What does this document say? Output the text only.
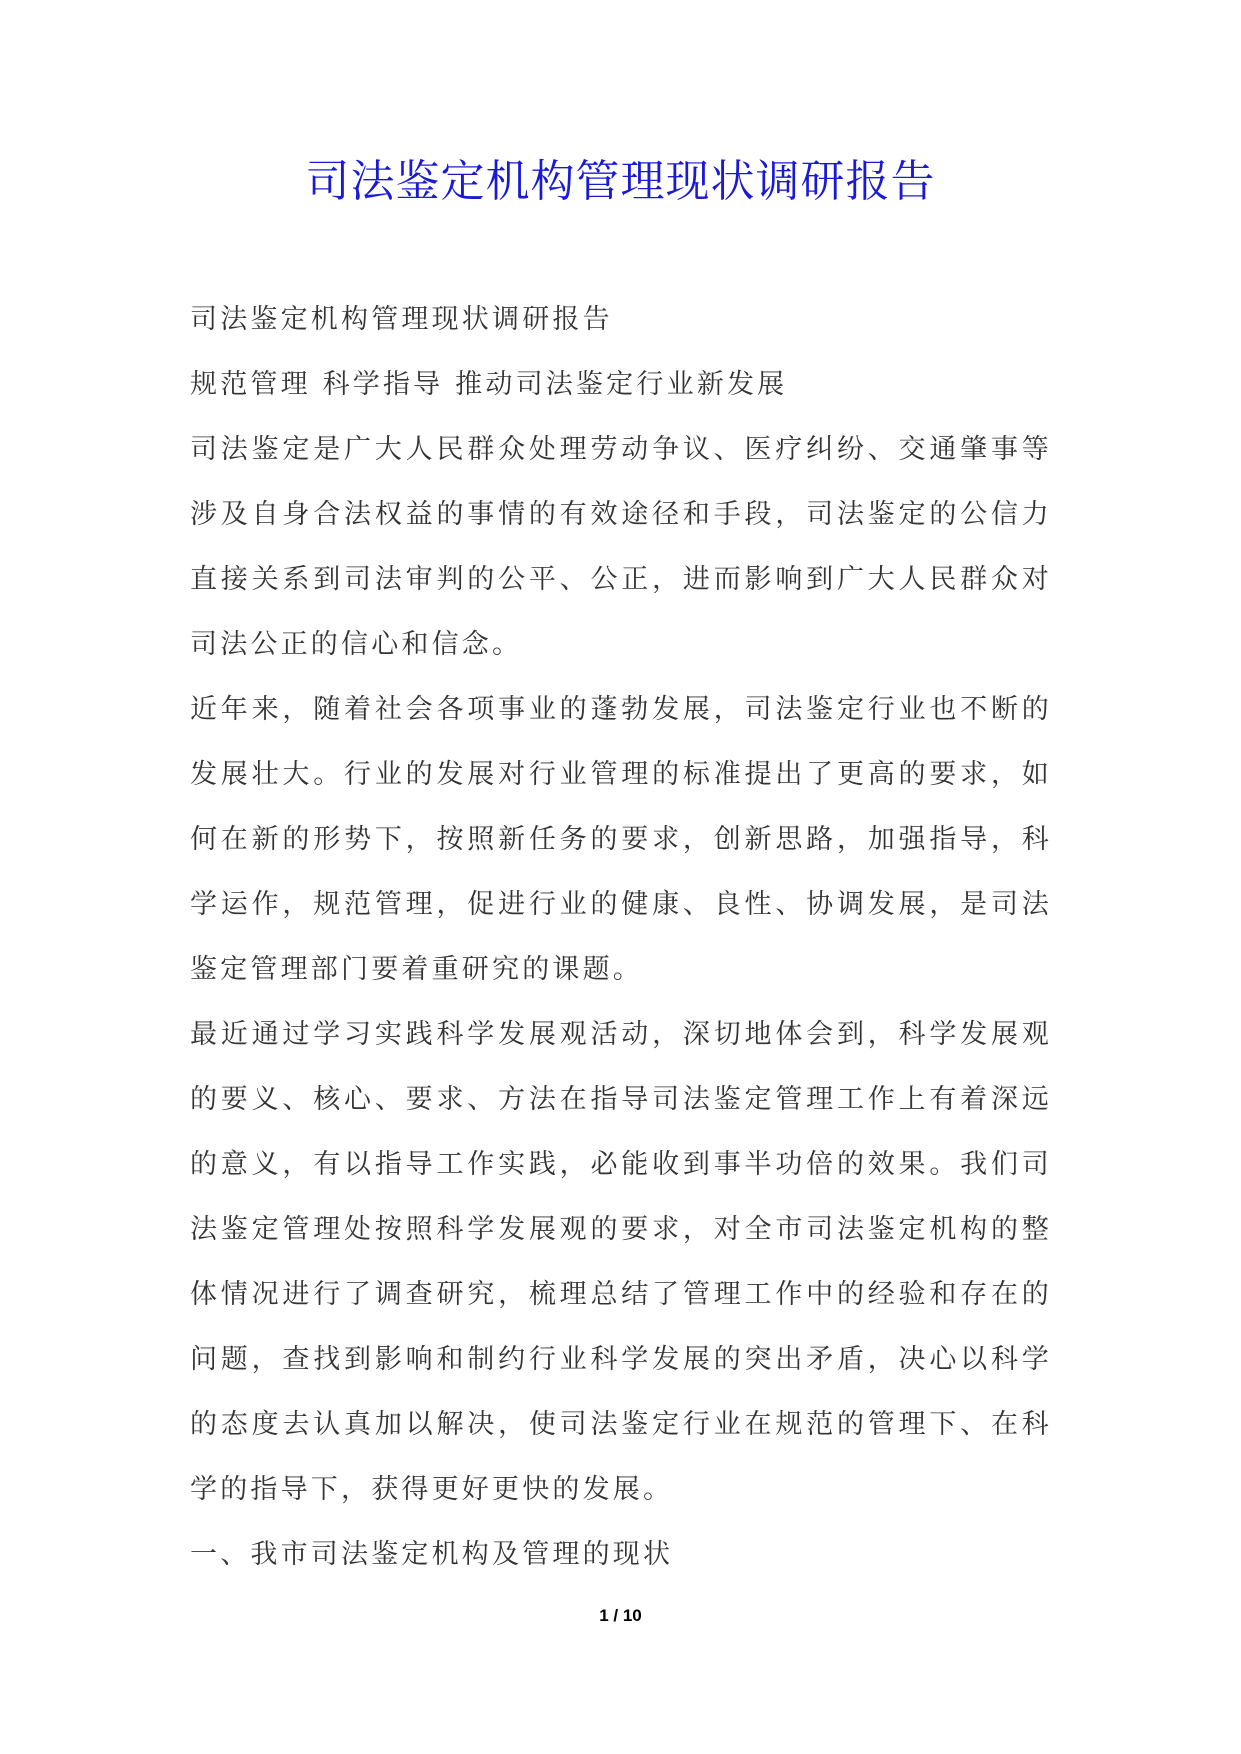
司法鉴定机构管理现状调研报告

司法鉴定机构管理现状调研报告

规范管理 科学指导 推动司法鉴定行业新发展

司法鉴定是广大人民群众处理劳动争议、医疗纠纷、交通肇事等涉及自身合法权益的事情的有效途径和手段，司法鉴定的公信力直接关系到司法审判的公平、公正，进而影响到广大人民群众对司法公正的信心和信念。

近年来，随着社会各项事业的蓬勃发展，司法鉴定行业也不断的发展壮大。行业的发展对行业管理的标准提出了更高的要求，如何在新的形势下，按照新任务的要求，创新思路，加强指导，科学运作，规范管理，促进行业的健康、良性、协调发展，是司法鉴定管理部门要着重研究的课题。

最近通过学习实践科学发展观活动，深切地体会到，科学发展观的要义、核心、要求、方法在指导司法鉴定管理工作上有着深远的意义，有以指导工作实践，必能收到事半功倍的效果。我们司法鉴定管理处按照科学发展观的要求，对全市司法鉴定机构的整体情况进行了调查研究，梳理总结了管理工作中的经验和存在的问题，查找到影响和制约行业科学发展的突出矛盾，决心以科学的态度去认真加以解决，使司法鉴定行业在规范的管理下、在科学的指导下，获得更好更快的发展。

一、我市司法鉴定机构及管理的现状

1 / 10
